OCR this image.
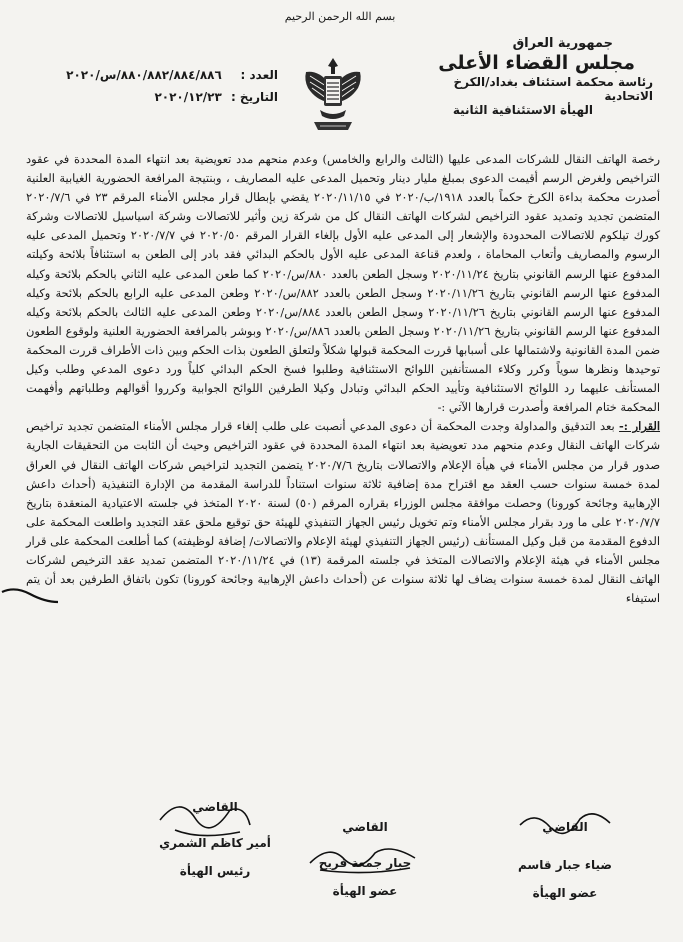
بسم الله الرحمن الرحيم
جمهورية العراق
مجلس القضاء الأعلى
رئاسة محكمة استئناف بغداد/الكرخ الاتحادية
الهيأة الاستئنافية الثانية
العدد : ٨٨٠/٨٨٢/٨٨٤/٨٨٦/س/٢٠٢٠
التاريخ : ٢٠٢٠/١٢/٢٣

رخصة الهاتف النقال للشركات المدعى عليها (الثالث والرابع والخامس) وعدم منحهم مدد تعويضية بعد انتهاء المدة المحددة في عقود التراخيص ولغرض الرسم أقيمت الدعوى بمبلغ مليار دينار وتحميل المدعى عليه المصاريف ، وبنتيجة المرافعة الحضورية الغيابية العلنية أصدرت محكمة بداءة الكرخ حكماً بالعدد ١٩١٨/ب/٢٠٢٠ في ٢٠٢٠/١١/١٥ يقضي بإبطال قرار مجلس الأمناء المرقم ٢٣ في ٢٠٢٠/٧/٦ المتضمن تجديد وتمديد عقود التراخيص لشركات الهاتف النقال كل من شركة زين وأثير للاتصالات وشركة اسياسيل للاتصالات وشركة كورك تيلكوم للاتصالات المحدودة والإشعار إلى المدعى عليه الأول بإلغاء القرار المرقم ٢٠٢٠/٥٠ في ٢٠٢٠/٧/٧ وتحميل المدعى عليه الرسوم والمصاريف وأتعاب المحاماة ، ولعدم قناعة المدعى عليه الأول بالحكم البدائي فقد بادر إلى الطعن به استئنافاً بلائحة وكيلته المدفوع عنها الرسم القانوني بتاريخ ٢٠٢٠/١١/٢٤ وسجل الطعن بالعدد ٨٨٠/س/٢٠٢٠ كما طعن المدعى عليه الثاني بالحكم بلائحة وكيله المدفوع عنها الرسم القانوني بتاريخ ٢٠٢٠/١١/٢٦ وسجل الطعن بالعدد ٨٨٢/س/٢٠٢٠ وطعن المدعى عليه الرابع بالحكم بلائحة وكيله المدفوع عنها الرسم القانوني بتاريخ ٢٠٢٠/١١/٢٦ وسجل الطعن بالعدد ٨٨٤/س/٢٠٢٠ وطعن المدعى عليه الثالث بالحكم بلائحة وكيله المدفوع عنها الرسم القانوني بتاريخ ٢٠٢٠/١١/٢٦ وسجل الطعن بالعدد ٨٨٦/س/٢٠٢٠ وبوشر بالمرافعة الحضورية العلنية ولوقوع الطعون ضمن المدة القانونية ولاشتمالها على أسبابها قررت المحكمة قبولها شكلاً ولتعلق الطعون بذات الحكم وبين ذات الأطراف قررت المحكمة توحيدها ونظرها سوياً وكرر وكلاء المستأنفين اللوائح الاستئنافية وطلبوا فسخ الحكم البدائي كلياً ورد دعوى المدعي وطلب وكيل المستأنف عليهما رد اللوائح الاستئنافية وتأييد الحكم البدائي وتبادل وكيلا الطرفين اللوائح الجوابية وكرروا أقوالهم وطلباتهم وأفهمت المحكمة ختام المرافعة وأصدرت قرارها الآتي :-

القرار :- بعد التدقيق والمداولة وجدت المحكمة أن دعوى المدعي أنصبت على طلب إلغاء قرار مجلس الأمناء المتضمن تجديد تراخيص شركات الهاتف النقال وعدم منحهم مدد تعويضية بعد انتهاء المدة المحددة في عقود التراخيص وحيث أن الثابت من التحقيقات الجارية صدور قرار من مجلس الأمناء في هيأة الإعلام والاتصالات بتاريخ ٢٠٢٠/٧/٦ يتضمن التجديد لتراخيص شركات الهاتف النقال في العراق لمدة خمسة سنوات حسب العقد مع اقتراح مدة إضافية ثلاثة سنوات استناداً للدراسة المقدمة من الإدارة التنفيذية (أحداث داعش الإرهابية وجائحة كورونا) وحصلت موافقة مجلس الوزراء بقراره المرقم (٥٠) لسنة ٢٠٢٠ المتخذ في جلسته الاعتيادية المنعقدة بتاريخ ٢٠٢٠/٧/٧ على ما ورد بقرار مجلس الأمناء وتم تخويل رئيس الجهاز التنفيذي للهيئة حق توقيع ملحق عقد التجديد واطلعت المحكمة على الدفوع المقدمة من قبل وكيل المستأنف (رئيس الجهاز التنفيذي لهيئة الإعلام والاتصالات/ إضافة لوظيفته) كما أطلعت المحكمة على قرار مجلس الأمناء في هيئة الإعلام والاتصالات المتخذ في جلسته المرقمة (١٣) في ٢٠٢٠/١١/٢٤ المتضمن تمديد عقد الترخيص لشركات الهاتف النقال لمدة خمسة سنوات يضاف لها ثلاثة سنوات عن (أحداث داعش الإرهابية وجائحة كورونا) تكون باتفاق الطرفين بعد أن يتم استيفاء

القاضي
أمير كاظم الشمري
رئيس الهيأة
القاضي
جبار جمعة فريح
عضو الهيأة
القاضي
ضياء جبار قاسم
عضو الهيأة
